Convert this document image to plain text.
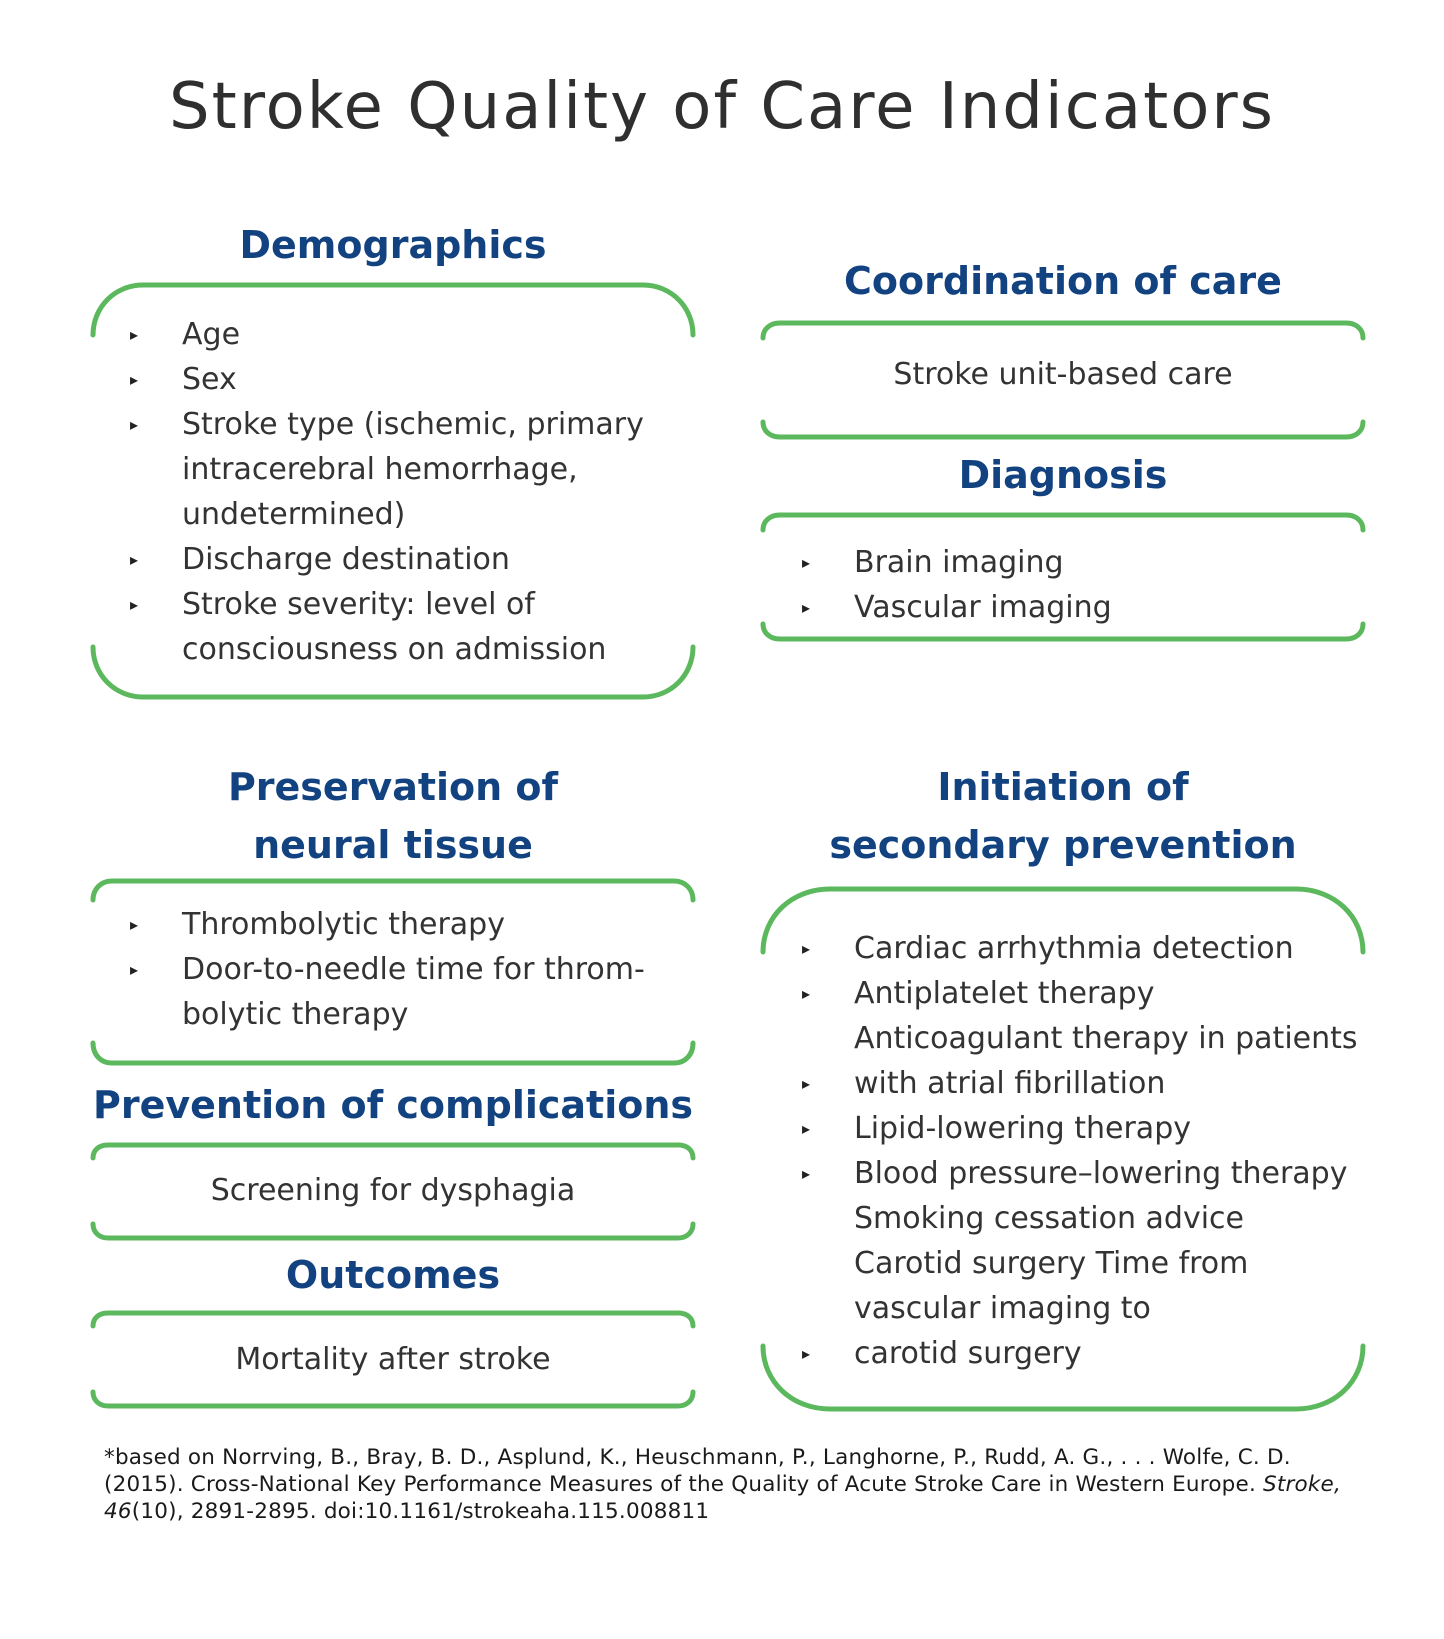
Stroke Quality of Care Indicators
Demographics
▸ Age
▸ Sex
▸ Stroke type (ischemic, primary intracerebral hemorrhage, undetermined)
▸ Discharge destination
▸ Stroke severity: level of consciousness on admission
Coordination of care
Stroke unit-based care
Diagnosis
▸ Brain imaging
▸ Vascular imaging
Preservation of
neural tissue
▸ Thrombolytic therapy
▸ Door-to-needle time for throm-bolytic therapy
Prevention of complications
Screening for dysphagia
Outcomes
Mortality after stroke
Initiation of
secondary prevention
▸ Cardiac arrhythmia detection
▸ Antiplatelet therapy
Anticoagulant therapy in patients
▸ with atrial fibrillation
▸ Lipid-lowering therapy
▸ Blood pressure–lowering therapy
Smoking cessation advice
Carotid surgery Time from
vascular imaging to
▸ carotid surgery
*based on Norrving, B., Bray, B. D., Asplund, K., Heuschmann, P., Langhorne, P., Rudd, A. G., . . . Wolfe, C. D. (2015). Cross-National Key Performance Measures of the Quality of Acute Stroke Care in Western Europe. Stroke, 46(10), 2891-2895. doi:10.1161/strokeaha.115.008811
